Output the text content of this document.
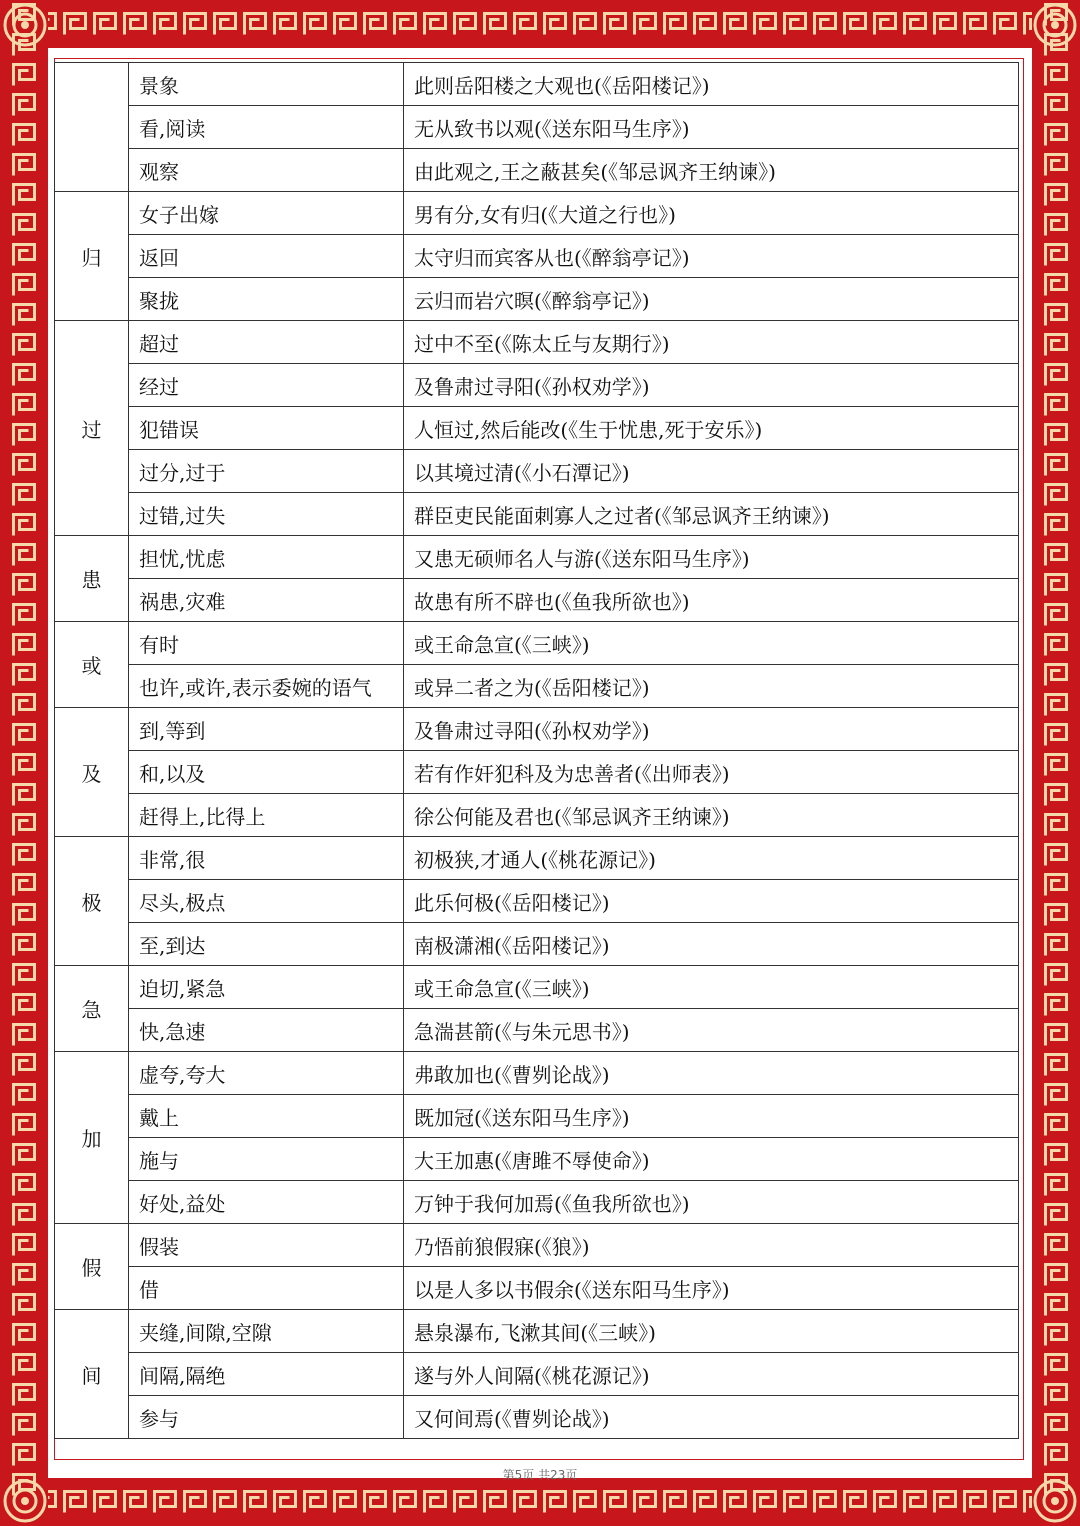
	景象	此则岳阳楼之大观也(《岳阳楼记》)
	看,阅读	无从致书以观(《送东阳马生序》)
	观察	由此观之,王之蔽甚矣(《邹忌讽齐王纳谏》)
归	女子出嫁	男有分,女有归(《大道之行也》)
	返回	太守归而宾客从也(《醉翁亭记》)
	聚拢	云归而岩穴暝(《醉翁亭记》)
过	超过	过中不至(《陈太丘与友期行》)
	经过	及鲁肃过寻阳(《孙权劝学》)
	犯错误	人恒过,然后能改(《生于忧患,死于安乐》)
	过分,过于	以其境过清(《小石潭记》)
	过错,过失	群臣吏民能面刺寡人之过者(《邹忌讽齐王纳谏》)
患	担忧,忧虑	又患无硕师名人与游(《送东阳马生序》)
	祸患,灾难	故患有所不辟也(《鱼我所欲也》)
或	有时	或王命急宣(《三峡》)
	也许,或许,表示委婉的语气	或异二者之为(《岳阳楼记》)
及	到,等到	及鲁肃过寻阳(《孙权劝学》)
	和,以及	若有作奸犯科及为忠善者(《出师表》)
	赶得上,比得上	徐公何能及君也(《邹忌讽齐王纳谏》)
极	非常,很	初极狭,才通人(《桃花源记》)
	尽头,极点	此乐何极(《岳阳楼记》)
	至,到达	南极潇湘(《岳阳楼记》)
急	迫切,紧急	或王命急宣(《三峡》)
	快,急速	急湍甚箭(《与朱元思书》)
加	虚夸,夸大	弗敢加也(《曹刿论战》)
	戴上	既加冠(《送东阳马生序》)
	施与	大王加惠(《唐雎不辱使命》)
	好处,益处	万钟于我何加焉(《鱼我所欲也》)
假	假装	乃悟前狼假寐(《狼》)
	借	以是人多以书假余(《送东阳马生序》)
间	夹缝,间隙,空隙	悬泉瀑布,飞漱其间(《三峡》)
	间隔,隔绝	遂与外人间隔(《桃花源记》)
	参与	又何间焉(《曹刿论战》)
第5页 共23页
